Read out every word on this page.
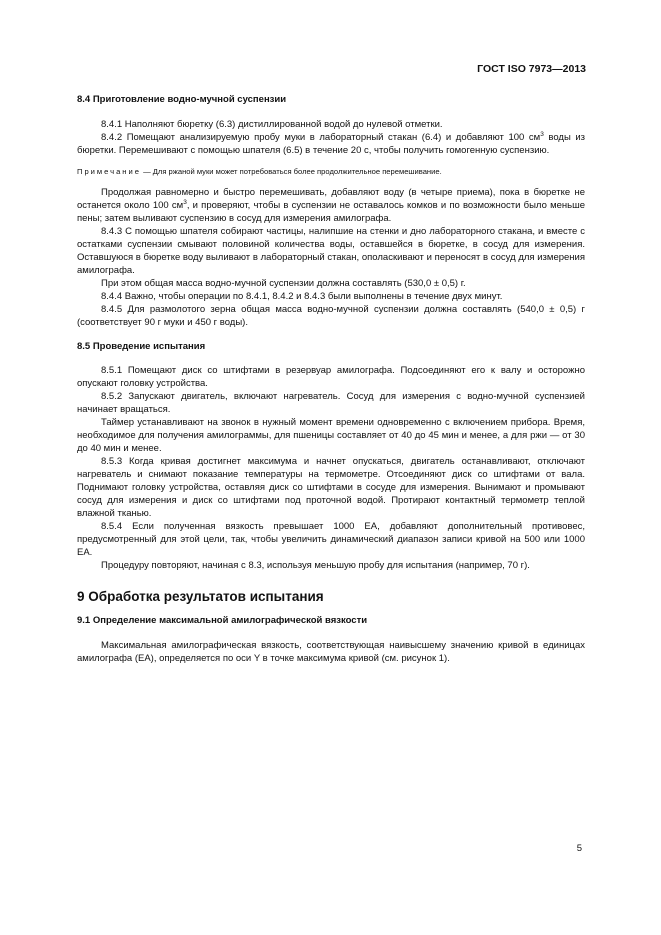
ГОСТ ISO 7973—2013

8.4 Приготовление водно-мучной суспензии

8.4.1 Наполняют бюретку (6.3) дистиллированной водой до нулевой отметки.

8.4.2 Помещают анализируемую пробу муки в лабораторный стакан (6.4) и добавляют 100 $см^3$ воды из бюретки. Перемешивают с помощью шпателя (6.5) в течение 20 с, чтобы получить гомогенную суспензию.

Примечание — Для ржаной муки может потребоваться более продолжительное перемешивание.

Продолжая равномерно и быстро перемешивать, добавляют воду (в четыре приема), пока в бюретке не останется около 100 $см^3$, и проверяют, чтобы в суспензии не оставалось комков и по возможности было меньше пены; затем выливают суспензию в сосуд для измерения амилографа.

8.4.3 С помощью шпателя собирают частицы, налипшие на стенки и дно лабораторного стакана, и вместе с остатками суспензии смывают половиной количества воды, оставшейся в бюретке, в сосуд для измерения. Оставшуюся в бюретке воду выливают в лабораторный стакан, ополаскивают и переносят в сосуд для измерения амилографа.

При этом общая масса водно-мучной суспензии должна составлять (530,0 ± 0,5) г.

8.4.4 Важно, чтобы операции по 8.4.1, 8.4.2 и 8.4.3 были выполнены в течение двух минут.

8.4.5 Для размолотого зерна общая масса водно-мучной суспензии должна составлять (540,0 ± 0,5) г (соответствует 90 г муки и 450 г воды).

8.5 Проведение испытания

8.5.1 Помещают диск со штифтами в резервуар амилографа. Подсоединяют его к валу и осторожно опускают головку устройства.

8.5.2 Запускают двигатель, включают нагреватель. Сосуд для измерения с водно-мучной суспензией начинает вращаться.

Таймер устанавливают на звонок в нужный момент времени одновременно с включением прибора. Время, необходимое для получения амилограммы, для пшеницы составляет от 40 до 45 мин и менее, а для ржи — от 30 до 40 мин и менее.

8.5.3 Когда кривая достигнет максимума и начнет опускаться, двигатель останавливают, отключают нагреватель и снимают показание температуры на термометре. Отсоединяют диск со штифтами от вала. Поднимают головку устройства, оставляя диск со штифтами в сосуде для измерения. Вынимают и промывают сосуд для измерения и диск со штифтами под проточной водой. Протирают контактный термометр теплой влажной тканью.

8.5.4 Если полученная вязкость превышает 1000 ЕА, добавляют дополнительный противовес, предусмотренный для этой цели, так, чтобы увеличить динамический диапазон записи кривой на 500 или 1000 ЕА.

Процедуру повторяют, начиная с 8.3, используя меньшую пробу для испытания (например, 70 г).

9 Обработка результатов испытания

9.1 Определение максимальной амилографической вязкости

Максимальная амилографическая вязкость, соответствующая наивысшему значению кривой в единицах амилографа (ЕА), определяется по оси Y в точке максимума кривой (см. рисунок 1).

5
